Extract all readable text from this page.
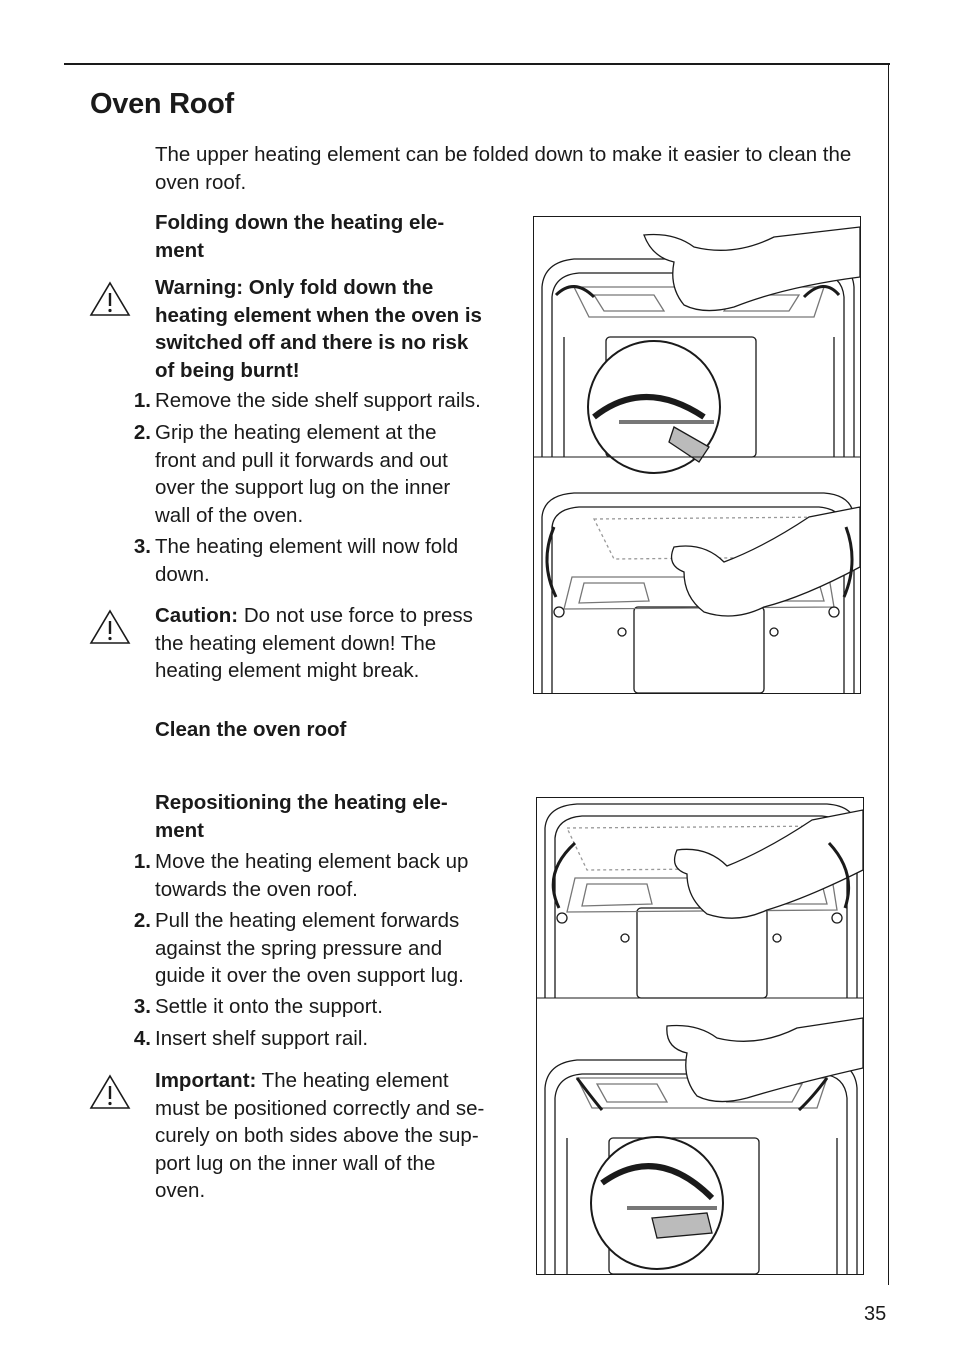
Oven Roof
The upper heating element can be folded down to make it easier to clean the oven roof.
Folding down the heating ele-
ment
Warning: Only fold down the
heating element when the oven is
switched off and there is no risk
of being burnt!
1. Remove the side shelf support rails.
2. Grip the heating element at the
front and pull it forwards and out
over the support lug on the inner
wall of the oven.
3. The heating element will now fold
down.
Caution: Do not use force to press
the heating element down! The
heating element might break.
Clean the oven roof
Repositioning the heating ele-
ment
1. Move the heating element back up
towards the oven roof.
2. Pull the heating element forwards
against the spring pressure and
guide it over the oven support lug.
3. Settle it onto the support.
4. Insert shelf support rail.
Important: The heating element
must be positioned correctly and se-
curely on both sides above the sup-
port lug on the inner wall of the
oven.
35
